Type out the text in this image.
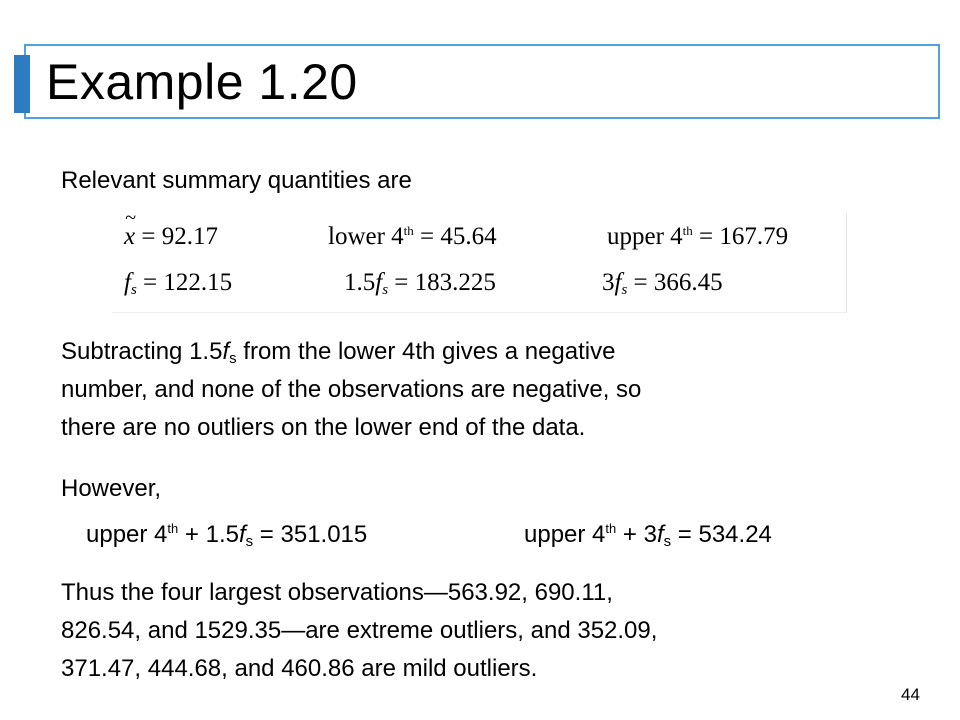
Example 1.20
Relevant summary quantities are
~ x = 92.17	lower 4th = 45.64	upper 4th = 167.79
$f_s = 122.15$	$1.5f_s = 183.225$	$3f_s = 366.45$
Subtracting $1.5f_s$ from the lower 4th gives a negative
number, and none of the observations are negative, so
there are no outliers on the lower end of the data.
However,
upper $4th + 1.5f_s = 351.015$	upper $4th + 3f_s = 534.24$
Thus the four largest observations—563.92, 690.11,
826.54, and 1529.35—are extreme outliers, and 352.09,
371.47, 444.68, and 460.86 are mild outliers.
44
